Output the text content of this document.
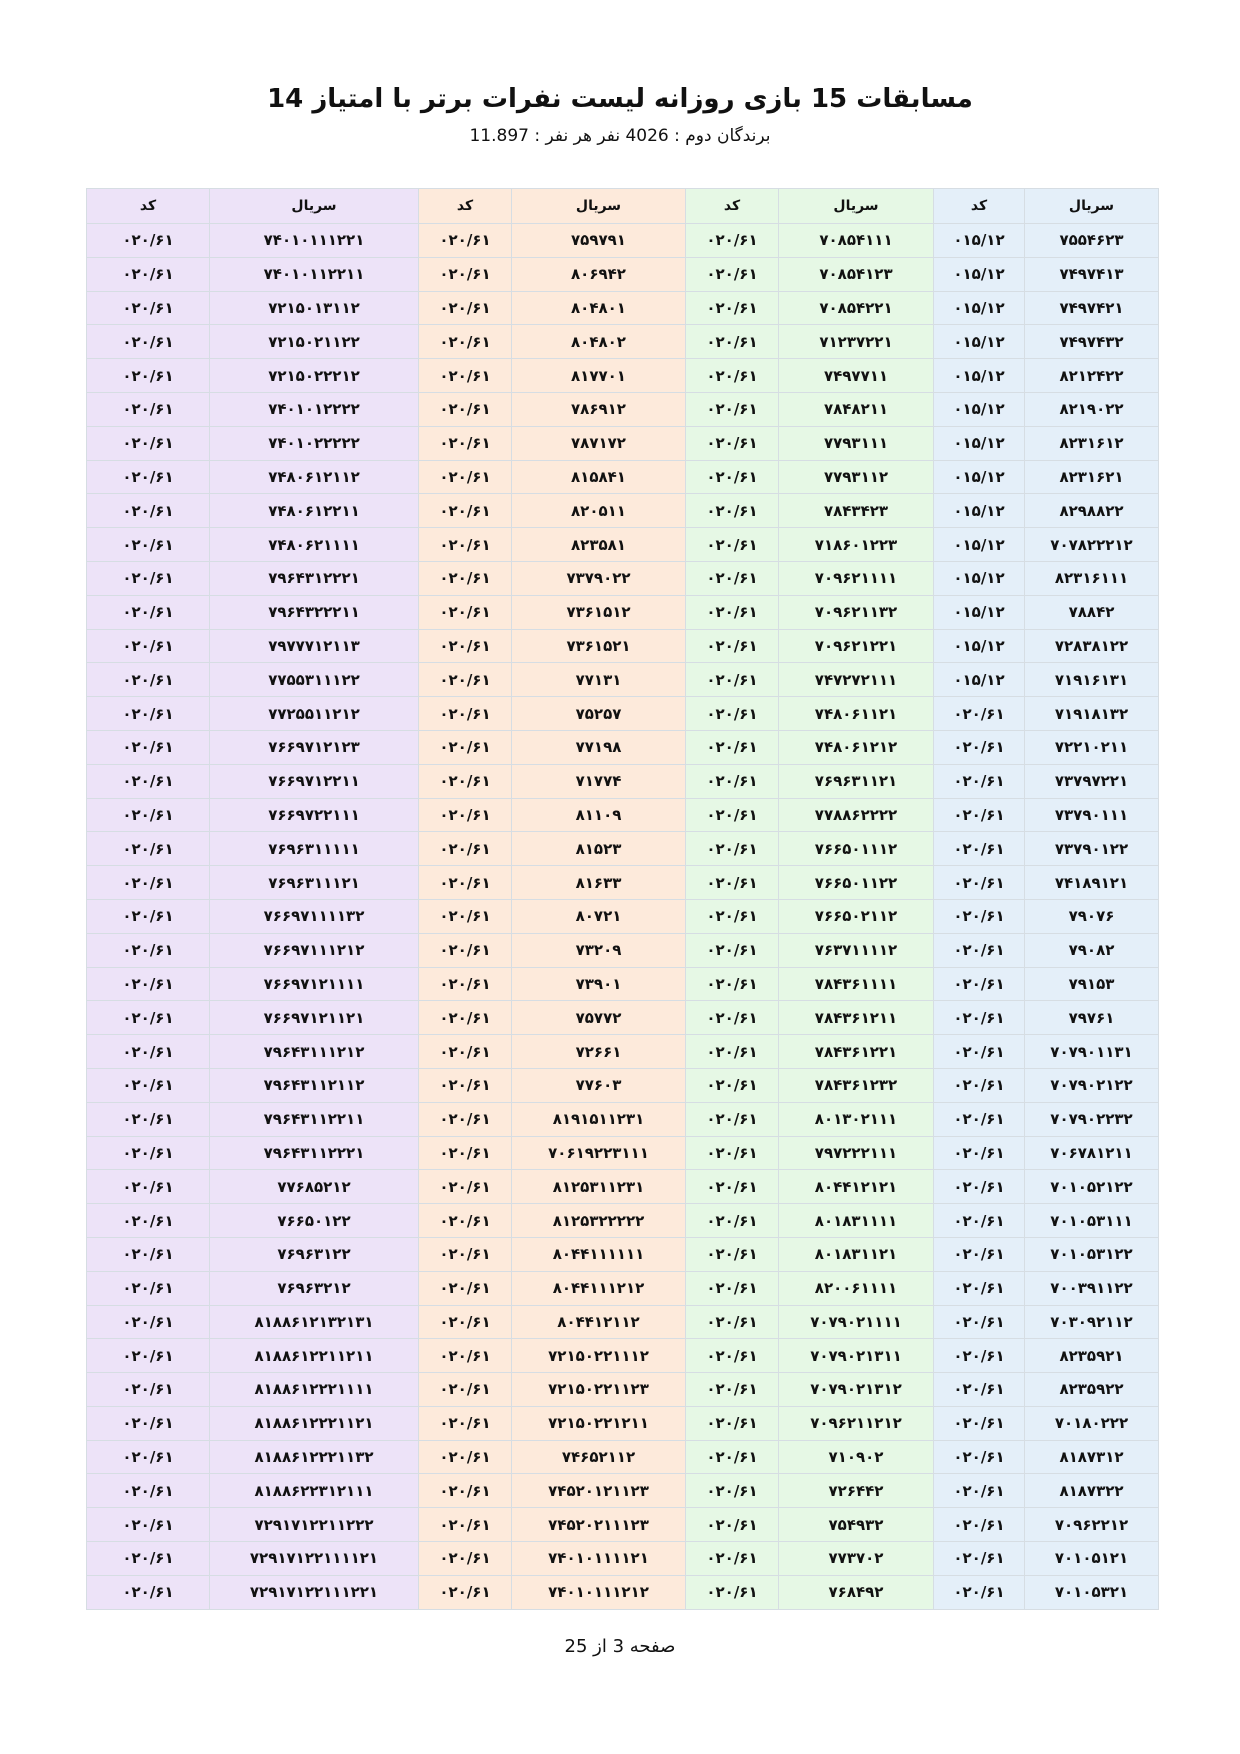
مسابقات 15 بازی روزانه لیست نفرات برتر با امتیاز 14
برندگان دوم : 4026 نفر هر نفر : 11.897
سریال	کد	سریال	کد	سریال	کد	سریال	کد
۷۵۵۴۶۲۳	۰۱۵/۱۲	۷۰۸۵۴۱۱۱	۰۲۰/۶۱	۷۵۹۷۹۱	۰۲۰/۶۱	۷۴۰۱۰۱۱۱۲۲۱	۰۲۰/۶۱
۷۴۹۷۴۱۳	۰۱۵/۱۲	۷۰۸۵۴۱۲۳	۰۲۰/۶۱	۸۰۶۹۴۲	۰۲۰/۶۱	۷۴۰۱۰۱۱۲۲۱۱	۰۲۰/۶۱
۷۴۹۷۴۲۱	۰۱۵/۱۲	۷۰۸۵۴۲۲۱	۰۲۰/۶۱	۸۰۴۸۰۱	۰۲۰/۶۱	۷۲۱۵۰۱۳۱۱۲	۰۲۰/۶۱
۷۴۹۷۴۳۲	۰۱۵/۱۲	۷۱۲۳۷۲۲۱	۰۲۰/۶۱	۸۰۴۸۰۲	۰۲۰/۶۱	۷۲۱۵۰۲۱۱۲۲	۰۲۰/۶۱
۸۲۱۲۴۲۲	۰۱۵/۱۲	۷۴۹۷۷۱۱	۰۲۰/۶۱	۸۱۷۷۰۱	۰۲۰/۶۱	۷۲۱۵۰۲۲۲۱۲	۰۲۰/۶۱
۸۲۱۹۰۲۲	۰۱۵/۱۲	۷۸۴۸۲۱۱	۰۲۰/۶۱	۷۸۶۹۱۲	۰۲۰/۶۱	۷۴۰۱۰۱۲۲۲۲	۰۲۰/۶۱
۸۲۳۱۶۱۲	۰۱۵/۱۲	۷۷۹۳۱۱۱	۰۲۰/۶۱	۷۸۷۱۷۲	۰۲۰/۶۱	۷۴۰۱۰۲۲۲۲۲	۰۲۰/۶۱
۸۲۳۱۶۲۱	۰۱۵/۱۲	۷۷۹۳۱۱۲	۰۲۰/۶۱	۸۱۵۸۴۱	۰۲۰/۶۱	۷۴۸۰۶۱۲۱۱۲	۰۲۰/۶۱
۸۲۹۸۸۲۲	۰۱۵/۱۲	۷۸۴۳۴۲۳	۰۲۰/۶۱	۸۲۰۵۱۱	۰۲۰/۶۱	۷۴۸۰۶۱۲۲۱۱	۰۲۰/۶۱
۷۰۷۸۲۲۲۱۲	۰۱۵/۱۲	۷۱۸۶۰۱۲۲۳	۰۲۰/۶۱	۸۲۳۵۸۱	۰۲۰/۶۱	۷۴۸۰۶۲۱۱۱۱	۰۲۰/۶۱
۸۲۳۱۶۱۱۱	۰۱۵/۱۲	۷۰۹۶۲۱۱۱۱	۰۲۰/۶۱	۷۳۷۹۰۲۲	۰۲۰/۶۱	۷۹۶۴۳۱۲۲۲۱	۰۲۰/۶۱
۷۸۸۴۲	۰۱۵/۱۲	۷۰۹۶۲۱۱۳۲	۰۲۰/۶۱	۷۳۶۱۵۱۲	۰۲۰/۶۱	۷۹۶۴۳۲۲۲۱۱	۰۲۰/۶۱
۷۲۸۳۸۱۲۲	۰۱۵/۱۲	۷۰۹۶۲۱۲۲۱	۰۲۰/۶۱	۷۳۶۱۵۲۱	۰۲۰/۶۱	۷۹۷۷۷۱۲۱۱۳	۰۲۰/۶۱
۷۱۹۱۶۱۳۱	۰۱۵/۱۲	۷۴۷۲۷۲۱۱۱	۰۲۰/۶۱	۷۷۱۳۱	۰۲۰/۶۱	۷۷۵۵۳۱۱۱۲۲	۰۲۰/۶۱
۷۱۹۱۸۱۳۲	۰۲۰/۶۱	۷۴۸۰۶۱۱۲۱	۰۲۰/۶۱	۷۵۲۵۷	۰۲۰/۶۱	۷۷۲۵۵۱۱۲۱۲	۰۲۰/۶۱
۷۲۲۱۰۲۱۱	۰۲۰/۶۱	۷۴۸۰۶۱۲۱۲	۰۲۰/۶۱	۷۷۱۹۸	۰۲۰/۶۱	۷۶۶۹۷۱۲۱۲۳	۰۲۰/۶۱
۷۳۷۹۷۲۲۱	۰۲۰/۶۱	۷۶۹۶۳۱۱۲۱	۰۲۰/۶۱	۷۱۷۷۴	۰۲۰/۶۱	۷۶۶۹۷۱۲۲۱۱	۰۲۰/۶۱
۷۳۷۹۰۱۱۱	۰۲۰/۶۱	۷۷۸۸۶۲۲۲۲	۰۲۰/۶۱	۸۱۱۰۹	۰۲۰/۶۱	۷۶۶۹۷۲۲۱۱۱	۰۲۰/۶۱
۷۳۷۹۰۱۲۲	۰۲۰/۶۱	۷۶۶۵۰۱۱۱۲	۰۲۰/۶۱	۸۱۵۲۳	۰۲۰/۶۱	۷۶۹۶۳۱۱۱۱۱	۰۲۰/۶۱
۷۴۱۸۹۱۲۱	۰۲۰/۶۱	۷۶۶۵۰۱۱۲۲	۰۲۰/۶۱	۸۱۶۳۳	۰۲۰/۶۱	۷۶۹۶۳۱۱۱۲۱	۰۲۰/۶۱
۷۹۰۷۶	۰۲۰/۶۱	۷۶۶۵۰۲۱۱۲	۰۲۰/۶۱	۸۰۷۲۱	۰۲۰/۶۱	۷۶۶۹۷۱۱۱۱۳۲	۰۲۰/۶۱
۷۹۰۸۲	۰۲۰/۶۱	۷۶۳۷۱۱۱۱۲	۰۲۰/۶۱	۷۳۲۰۹	۰۲۰/۶۱	۷۶۶۹۷۱۱۱۲۱۲	۰۲۰/۶۱
۷۹۱۵۳	۰۲۰/۶۱	۷۸۴۳۶۱۱۱۱	۰۲۰/۶۱	۷۳۹۰۱	۰۲۰/۶۱	۷۶۶۹۷۱۲۱۱۱۱	۰۲۰/۶۱
۷۹۷۶۱	۰۲۰/۶۱	۷۸۴۳۶۱۲۱۱	۰۲۰/۶۱	۷۵۷۷۲	۰۲۰/۶۱	۷۶۶۹۷۱۲۱۱۲۱	۰۲۰/۶۱
۷۰۷۹۰۱۱۳۱	۰۲۰/۶۱	۷۸۴۳۶۱۲۲۱	۰۲۰/۶۱	۷۲۶۶۱	۰۲۰/۶۱	۷۹۶۴۳۱۱۱۲۱۲	۰۲۰/۶۱
۷۰۷۹۰۲۱۲۲	۰۲۰/۶۱	۷۸۴۳۶۱۲۳۲	۰۲۰/۶۱	۷۷۶۰۳	۰۲۰/۶۱	۷۹۶۴۳۱۱۲۱۱۲	۰۲۰/۶۱
۷۰۷۹۰۲۲۳۲	۰۲۰/۶۱	۸۰۱۳۰۲۱۱۱	۰۲۰/۶۱	۸۱۹۱۵۱۱۲۳۱	۰۲۰/۶۱	۷۹۶۴۳۱۱۲۲۱۱	۰۲۰/۶۱
۷۰۶۷۸۱۲۱۱	۰۲۰/۶۱	۷۹۷۲۲۲۱۱۱	۰۲۰/۶۱	۷۰۶۱۹۲۲۳۱۱۱	۰۲۰/۶۱	۷۹۶۴۳۱۱۲۲۲۱	۰۲۰/۶۱
۷۰۱۰۵۲۱۲۲	۰۲۰/۶۱	۸۰۴۴۱۲۱۲۱	۰۲۰/۶۱	۸۱۲۵۳۱۱۲۳۱	۰۲۰/۶۱	۷۷۶۸۵۲۱۲	۰۲۰/۶۱
۷۰۱۰۵۳۱۱۱	۰۲۰/۶۱	۸۰۱۸۳۱۱۱۱	۰۲۰/۶۱	۸۱۲۵۳۲۲۲۲۲	۰۲۰/۶۱	۷۶۶۵۰۱۲۲	۰۲۰/۶۱
۷۰۱۰۵۳۱۲۲	۰۲۰/۶۱	۸۰۱۸۳۱۱۲۱	۰۲۰/۶۱	۸۰۴۴۱۱۱۱۱۱	۰۲۰/۶۱	۷۶۹۶۳۱۲۲	۰۲۰/۶۱
۷۰۰۳۹۱۱۲۲	۰۲۰/۶۱	۸۲۰۰۶۱۱۱۱	۰۲۰/۶۱	۸۰۴۴۱۱۱۲۱۲	۰۲۰/۶۱	۷۶۹۶۳۲۱۲	۰۲۰/۶۱
۷۰۳۰۹۲۱۱۲	۰۲۰/۶۱	۷۰۷۹۰۲۱۱۱۱	۰۲۰/۶۱	۸۰۴۴۱۲۱۱۲	۰۲۰/۶۱	۸۱۸۸۶۱۲۱۳۲۱۳۱	۰۲۰/۶۱
۸۲۳۵۹۲۱	۰۲۰/۶۱	۷۰۷۹۰۲۱۳۱۱	۰۲۰/۶۱	۷۲۱۵۰۲۲۱۱۱۲	۰۲۰/۶۱	۸۱۸۸۶۱۲۲۱۱۲۱۱	۰۲۰/۶۱
۸۲۳۵۹۲۲	۰۲۰/۶۱	۷۰۷۹۰۲۱۳۱۲	۰۲۰/۶۱	۷۲۱۵۰۲۲۱۱۲۳	۰۲۰/۶۱	۸۱۸۸۶۱۲۲۲۱۱۱۱	۰۲۰/۶۱
۷۰۱۸۰۲۲۲	۰۲۰/۶۱	۷۰۹۶۲۱۱۲۱۲	۰۲۰/۶۱	۷۲۱۵۰۲۲۱۲۱۱	۰۲۰/۶۱	۸۱۸۸۶۱۲۲۲۱۱۲۱	۰۲۰/۶۱
۸۱۸۷۳۱۲	۰۲۰/۶۱	۷۱۰۹۰۲	۰۲۰/۶۱	۷۴۶۵۲۱۱۲	۰۲۰/۶۱	۸۱۸۸۶۱۲۲۲۱۱۳۲	۰۲۰/۶۱
۸۱۸۷۳۲۲	۰۲۰/۶۱	۷۲۶۴۴۲	۰۲۰/۶۱	۷۴۵۲۰۱۲۱۱۲۳	۰۲۰/۶۱	۸۱۸۸۶۲۲۳۱۲۱۱۱	۰۲۰/۶۱
۷۰۹۶۲۲۱۲	۰۲۰/۶۱	۷۵۴۹۳۲	۰۲۰/۶۱	۷۴۵۲۰۲۱۱۱۲۳	۰۲۰/۶۱	۷۲۹۱۷۱۲۲۱۱۲۲۲	۰۲۰/۶۱
۷۰۱۰۵۱۲۱	۰۲۰/۶۱	۷۷۳۷۰۲	۰۲۰/۶۱	۷۴۰۱۰۱۱۱۱۲۱	۰۲۰/۶۱	۷۲۹۱۷۱۲۲۱۱۱۱۲۱	۰۲۰/۶۱
۷۰۱۰۵۳۲۱	۰۲۰/۶۱	۷۶۸۴۹۲	۰۲۰/۶۱	۷۴۰۱۰۱۱۱۲۱۲	۰۲۰/۶۱	۷۲۹۱۷۱۲۲۱۱۱۲۲۱	۰۲۰/۶۱
صفحه 3 از 25
